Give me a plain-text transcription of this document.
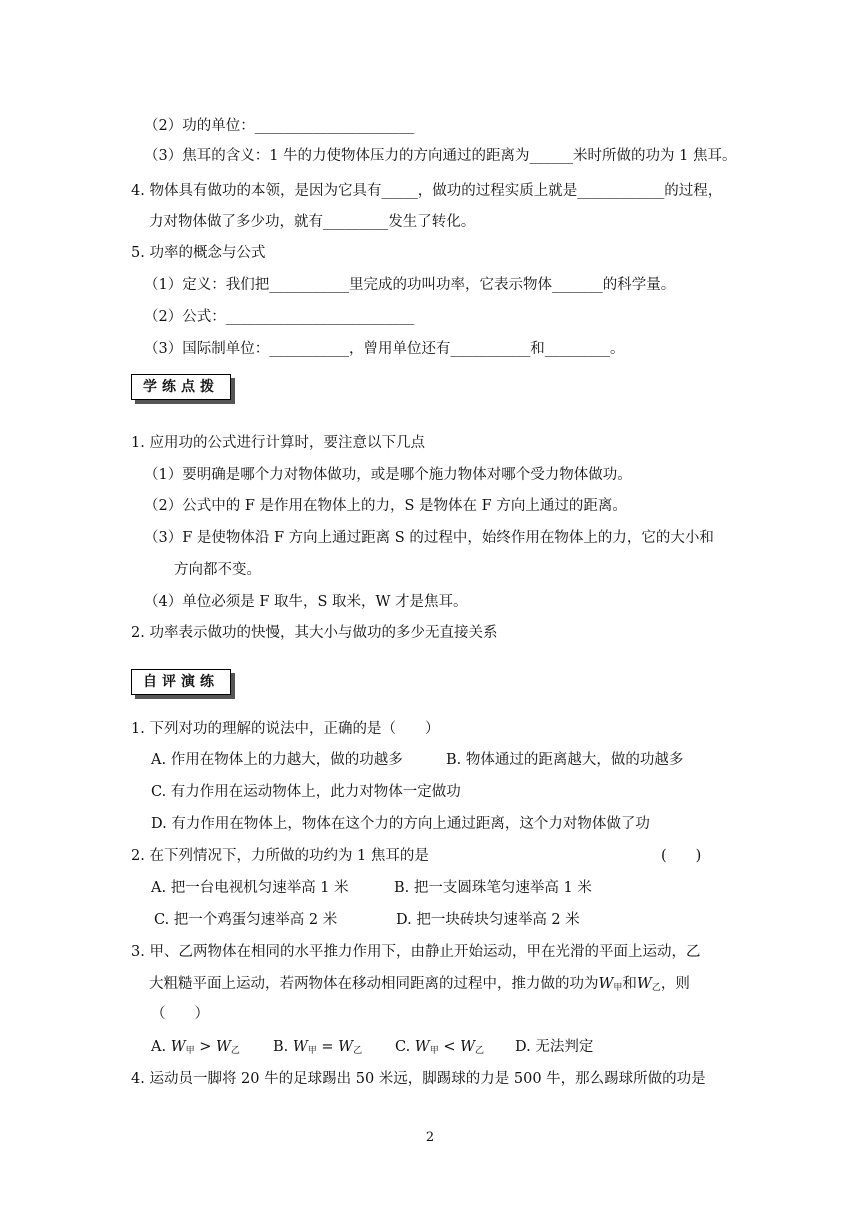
（2）功的单位：______________________
（3）焦耳的含义：1 牛的力使物体压力的方向通过的距离为______米时所做的功为 1 焦耳。
4. 物体具有做功的本领，是因为它具有_____，做功的过程实质上就是____________的过程，
力对物体做了多少功，就有_________发生了转化。
5. 功率的概念与公式
（1）定义：我们把___________里完成的功叫功率，它表示物体_______的科学量。
（2）公式：__________________________
（3）国际制单位：___________，曾用单位还有___________和_________。
学练点拨
1. 应用功的公式进行计算时，要注意以下几点
（1）要明确是哪个力对物体做功，或是哪个施力物体对哪个受力物体做功。
（2）公式中的 F 是作用在物体上的力，S 是物体在 F 方向上通过的距离。
（3）F 是使物体沿 F 方向上通过距离 S 的过程中，始终作用在物体上的力，它的大小和
方向都不变。
（4）单位必须是 F 取牛，S 取米，W 才是焦耳。
2. 功率表示做功的快慢，其大小与做功的多少无直接关系
自评演练
1. 下列对功的理解的说法中，正确的是（　　）
A. 作用在物体上的力越大，做的功越多	B. 物体通过的距离越大，做的功越多
C. 有力作用在运动物体上，此力对物体一定做功
D. 有力作用在物体上，物体在这个力的方向上通过距离，这个力对物体做了功
2. 在下列情况下，力所做的功约为 1 焦耳的是	(　　)
A. 把一台电视机匀速举高 1 米	B. 把一支圆珠笔匀速举高 1 米
C. 把一个鸡蛋匀速举高 2 米	D. 把一块砖块匀速举高 2 米
3. 甲、乙两物体在相同的水平推力作用下，由静止开始运动，甲在光滑的平面上运动，乙
大粗糙平面上运动，若两物体在移动相同距离的过程中，推力做的功为$W_甲$和$W_乙$，则
（　　）
A. $W_甲 > W_乙$ B. $W_甲 = W_乙$ C. $W_甲 < W_乙$ D. 无法判定
4. 运动员一脚将 20 牛的足球踢出 50 米远，脚踢球的力是 500 牛，那么踢球所做的功是
2
